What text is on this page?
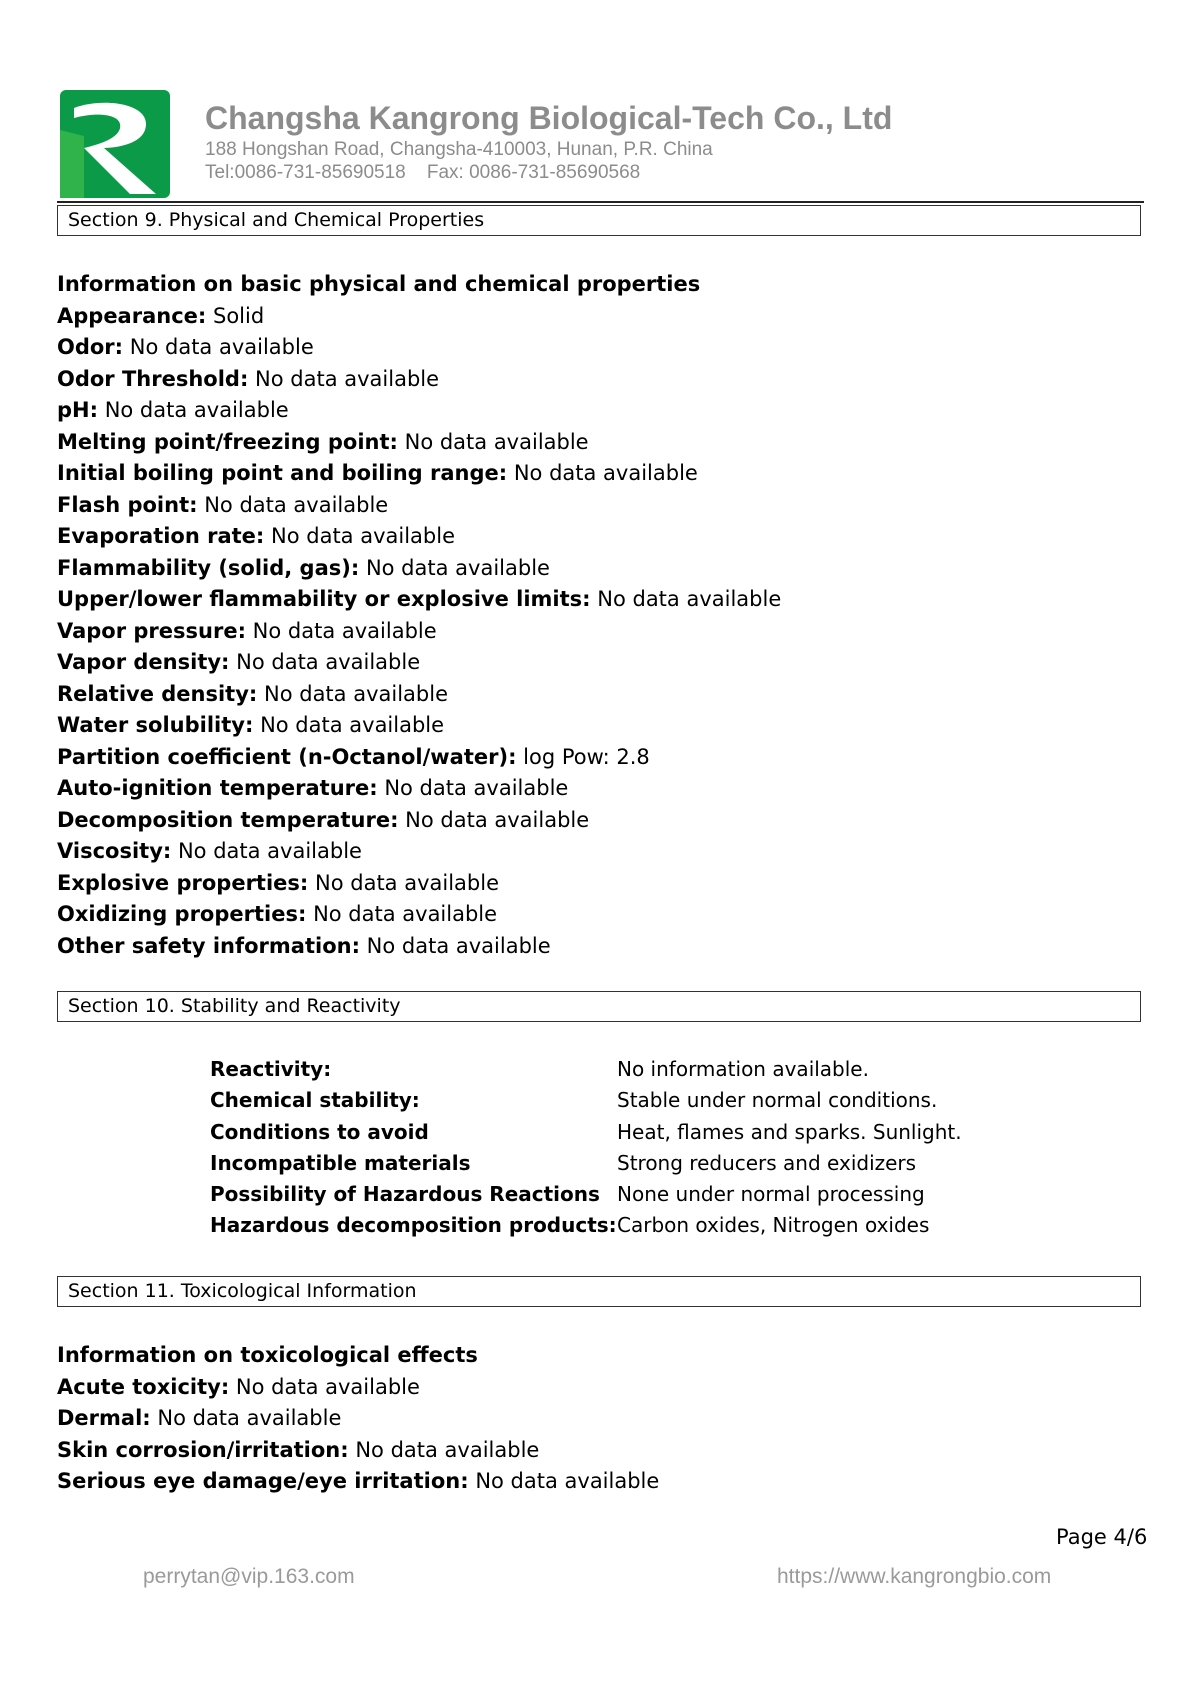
Changsha Kangrong Biological-Tech Co., Ltd
188 Hongshan Road, Changsha-410003, Hunan, P.R. China
Tel:0086-731-85690518    Fax: 0086-731-85690568
Section 9. Physical and Chemical Properties
Information on basic physical and chemical properties
Appearance: Solid
Odor: No data available
Odor Threshold: No data available
pH: No data available
Melting point/freezing point: No data available
Initial boiling point and boiling range: No data available
Flash point: No data available
Evaporation rate: No data available
Flammability (solid, gas): No data available
Upper/lower flammability or explosive limits: No data available
Vapor pressure: No data available
Vapor density: No data available
Relative density: No data available
Water solubility: No data available
Partition coefficient (n-Octanol/water): log Pow: 2.8
Auto-ignition temperature: No data available
Decomposition temperature: No data available
Viscosity: No data available
Explosive properties: No data available
Oxidizing properties: No data available
Other safety information: No data available
Section 10. Stability and Reactivity
Reactivity:	No information available.
Chemical stability:	Stable under normal conditions.
Conditions to avoid	Heat, flames and sparks. Sunlight.
Incompatible materials	Strong reducers and exidizers
Possibility of Hazardous Reactions None under normal processing
Hazardous decomposition products: Carbon oxides, Nitrogen oxides
Section 11. Toxicological Information
Information on toxicological effects
Acute toxicity: No data available
Dermal: No data available
Skin corrosion/irritation: No data available
Serious eye damage/eye irritation: No data available
Page 4/6
perrytan@vip.163.com	https://www.kangrongbio.com
